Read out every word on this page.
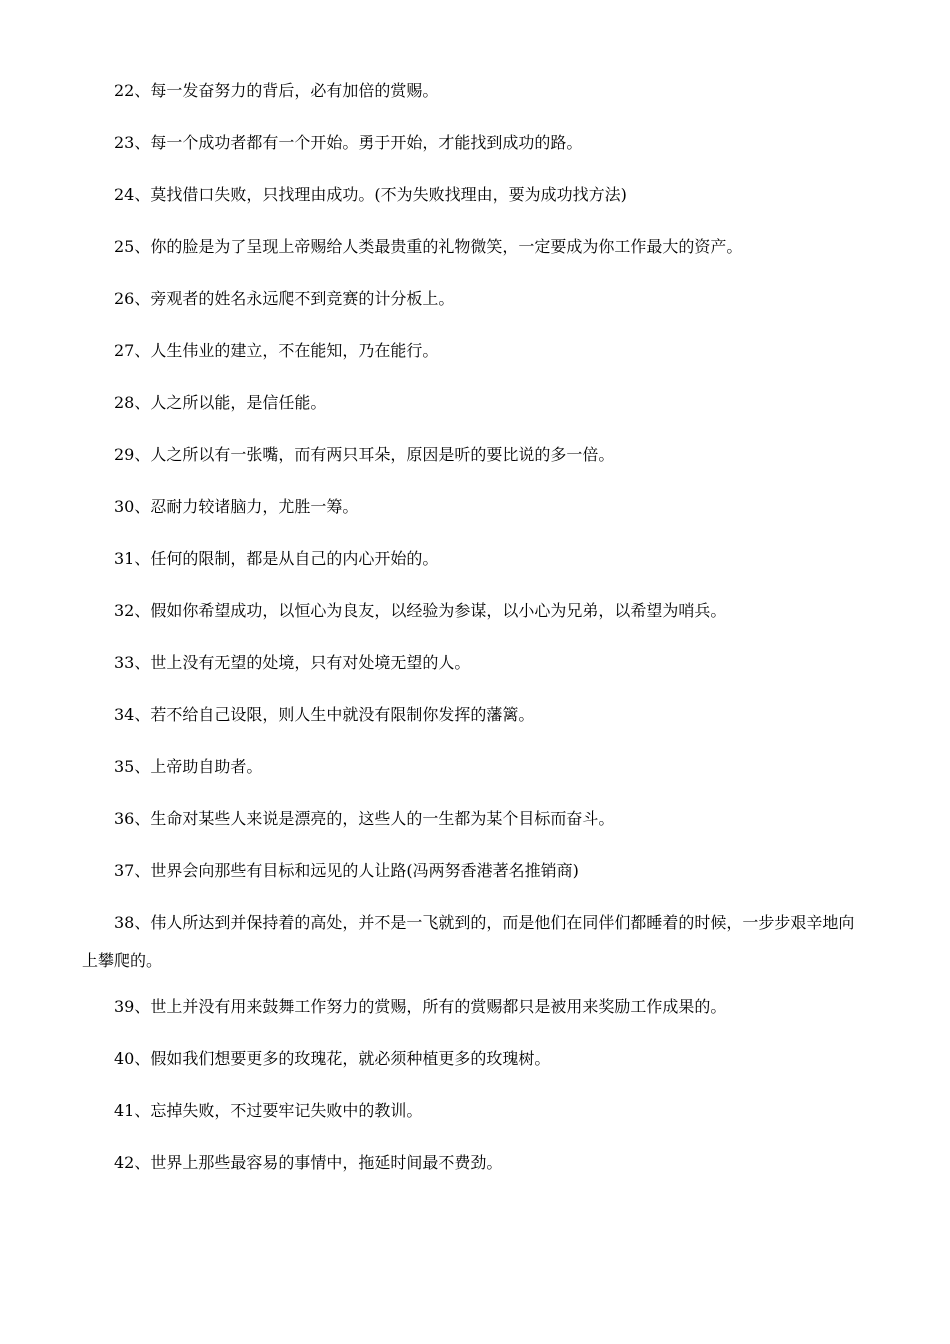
22、每一发奋努力的背后，必有加倍的赏赐。

23、每一个成功者都有一个开始。勇于开始，才能找到成功的路。

24、莫找借口失败，只找理由成功。(不为失败找理由，要为成功找方法)

25、你的脸是为了呈现上帝赐给人类最贵重的礼物微笑，一定要成为你工作最大的资产。

26、旁观者的姓名永远爬不到竞赛的计分板上。

27、人生伟业的建立，不在能知，乃在能行。

28、人之所以能，是信任能。

29、人之所以有一张嘴，而有两只耳朵，原因是听的要比说的多一倍。

30、忍耐力较诸脑力，尤胜一筹。

31、任何的限制，都是从自己的内心开始的。

32、假如你希望成功，以恒心为良友，以经验为参谋，以小心为兄弟，以希望为哨兵。

33、世上没有无望的处境，只有对处境无望的人。

34、若不给自己设限，则人生中就没有限制你发挥的藩篱。

35、上帝助自助者。

36、生命对某些人来说是漂亮的，这些人的一生都为某个目标而奋斗。

37、世界会向那些有目标和远见的人让路(冯两努香港著名推销商)

38、伟人所达到并保持着的高处，并不是一飞就到的，而是他们在同伴们都睡着的时候，一步步艰辛地向上攀爬的。

39、世上并没有用来鼓舞工作努力的赏赐，所有的赏赐都只是被用来奖励工作成果的。

40、假如我们想要更多的玫瑰花，就必须种植更多的玫瑰树。

41、忘掉失败，不过要牢记失败中的教训。

42、世界上那些最容易的事情中，拖延时间最不费劲。
